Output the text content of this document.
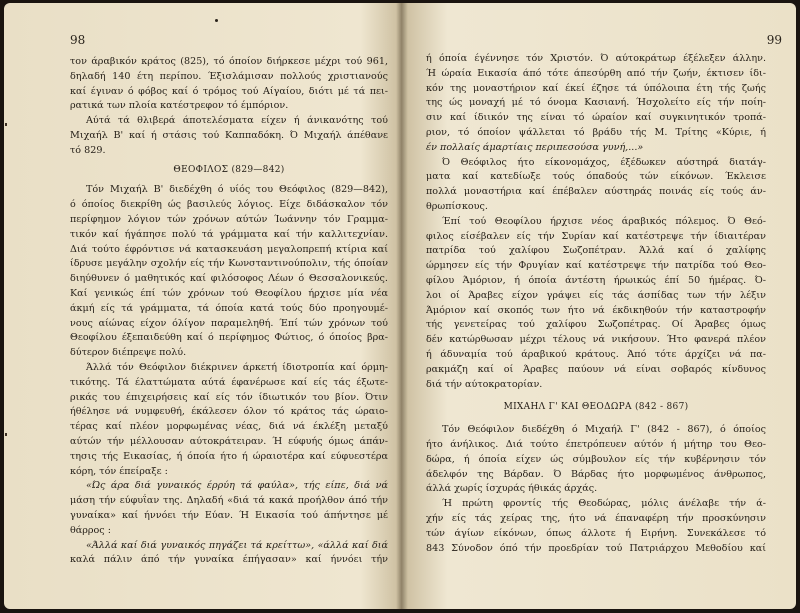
98
τον άραβικόν κράτος (825), τό όποίον διήρκεσε μέχρι τού 961,
δηλαδή 140 έτη περίπου. Έξισλάμισαν πολλούς χριστιανούς
καί έγιναν ό φόβος καί ό τρόμος τού Αίγαίου, διότι μέ τά πει-
ρατικά των πλοία κατέστρεφον τό έμπόριον.
Αύτά τά θλιβερά άποτελέσματα είχεν ή άνικανότης τού
Μιχαήλ Β' καί ή στάσις τού Καππαδόκη. Ό Μιχαήλ άπέθανε
τό 829.
ΘΕΟΦΙΛΟΣ (829—842)
Τόν Μιχαήλ Β' διεδέχθη ό υίός του Θεόφιλος (829—842),
ό όποίος διεκρίθη ώς βασιλεύς λόγιος. Είχε διδάσκαλον τόν
περίφημον λόγιον τών χρόνων αύτών Ίωάννην τόν Γραμμα-
τικόν καί ήγάπησε πολύ τά γράμματα καί τήν καλλιτεχνίαν.
Διά τούτο έφρόντισε νά κατασκευάση μεγαλοπρεπή κτίρια καί
ίδρυσε μεγάλην σχολήν είς τήν Κωνσταντινούπολιν, τής όποίαν
διηύθυνεν ό μαθητικός καί φιλόσοφος Λέων ό Θεσσαλονικεύς.
Καί γενικώς έπί τών χρόνων τού Θεοφίλου ήρχισε μία νέα
άκμή είς τά γράμματα, τά όποία κατά τούς δύο προηγουμέ-
νους αίώνας είχον όλίγον παραμεληθή. Έπί τών χρόνων τού
Θεοφίλου έξεπαιδεύθη καί ό περίφημος Φώτιος, ό όποίος βρα-
δύτερον διέπρεψε πολύ.
Άλλά τόν Θεόφιλον διέκρινεν άρκετή ίδιοτροπία καί όρμη-
τικότης. Τά έλαττώματα αύτά έφανέρωσε καί είς τάς έξωτε-
ρικάς του έπιχειρήσεις καί είς τόν ίδιωτικόν του βίον. Ότιν
ήθέλησε νά νυμφευθή, έκάλεσεν όλον τό κράτος τάς ώραιο-
τέρας καί πλέον μορφωμένας νέας, διά νά έκλέξη μεταξύ
αύτών τήν μέλλουσαν αύτοκράτειραν. Ή εύφυής όμως άπάν-
τησις τής Εικασίας, ή όποία ήτο ή ώραιοτέρα καί εύφυεστέρα
κόρη, τόν έπείραξε :
«Ώς άρα διά γυναικός έρρύη τά φαύλα», τής είπε, διά νά
μάση τήν εύφυΐαν της. Δηλαδή «διά τά κακά προήλθον άπό τήν
γυναίκα» καί ήννόει τήν Εύαν. Ή Εικασία τού άπήντησε μέ
θάρρος :
«Άλλά καί διά γυναικός πηγάζει τά κρείττω», «άλλά καί διά
καλά πάλιν άπό τήν γυναίκα έπήγασαν» καί ήννόει τήν
99
ή όποία έγέννησε τόν Χριστόν. Ό αύτοκράτωρ έξέλεξεν άλλην.
Ή ώραία Εικασία άπό τότε άπεσύρθη από τήν ζωήν, έκτισεν ίδι-
κόν της μοναστήριον καί έκεί έζησε τά ύπόλοιπα έτη τής ζωής
της ώς μοναχή μέ τό όνομα Κασιανή. Ήσχολείτο είς τήν ποίη-
σιν καί ίδιικόν της είναι τό ώραίον καί συγκινητικόν τροπά-
ριον, τό όποίον ψάλλεται τό βράδυ τής Μ. Τρίτης «Κύριε, ή
έν πολλαίς άμαρτίαις περιπεσούσα γυνή,...»
Ό Θεόφιλος ήτο είκονομάχος, έξέδωκεν αύστηρά διατάγ-
ματα καί κατεδίωξε τούς όπαδούς τών είκόνων. Έκλεισε
πολλά μοναστήρια καί έπέβαλεν αύστηράς ποινάς είς τούς άν-
θρωπίσκους.
Έπί τού Θεοφίλου ήρχισε νέος άραβικός πόλεμος. Ό Θεό-
φιλος είσέβαλεν είς τήν Συρίαν καί κατέστρεψε τήν ίδιαιτέραν
πατρίδα τού χαλίφου Σωζοπέτραν. Άλλά καί ό χαλίφης
ώρμησεν είς τήν Φρυγίαν καί κατέστρεψε τήν πατρίδα τού Θεο-
φίλου Άμόριον, ή όποία άντέστη ήρωικώς έπί 50 ήμέρας. Ό-
λοι οί Άραβες είχον γράψει είς τάς άσπίδας των τήν λέξιν
Άμόριον καί σκοπός των ήτο νά έκδικηθούν τήν καταστροφήν
τής γενετείρας τού χαλίφου Σωζοπέτρας. Οί Άραβες όμως
δέν κατώρθωσαν μέχρι τέλους νά νικήσουν. Ήτο φανερά πλέον
ή άδυναμία τού άραβικού κράτους. Άπό τότε άρχίζει νά πα-
ρακμάζη καί οί Άραβες παύουν νά είναι σοβαρός κίνδυνος
διά τήν αύτοκρατορίαν.
ΜΙΧΑΗΛ Γ' ΚΑΙ ΘΕΟΔΩΡΑ (842 - 867)
Τόν Θεόφιλον διεδέχθη ό Μιχαήλ Γ' (842 - 867), ό όποίος
ήτο άνήλικος. Διά τούτο έπετρόπευεν αύτόν ή μήτηρ του Θεο-
δώρα, ή όποία είχεν ώς σύμβουλον είς τήν κυβέρνησιν τόν
άδελφόν της Βάρδαν. Ό Βάρδας ήτο μορφωμένος άνθρωπος,
άλλά χωρίς ίσχυράς ήθικάς άρχάς.
Ή πρώτη φροντίς τής Θεοδώρας, μόλις άνέλαβε τήν ά-
χήν είς τάς χείρας της, ήτο νά έπαναφέρη τήν προσκύνησιν
τών άγίων είκόνων, όπως άλλοτε ή Ειρήνη. Συνεκάλεσε τό
843 Σύνοδον όπό τήν προεδρίαν τού Πατριάρχου Μεθοδίου καί
